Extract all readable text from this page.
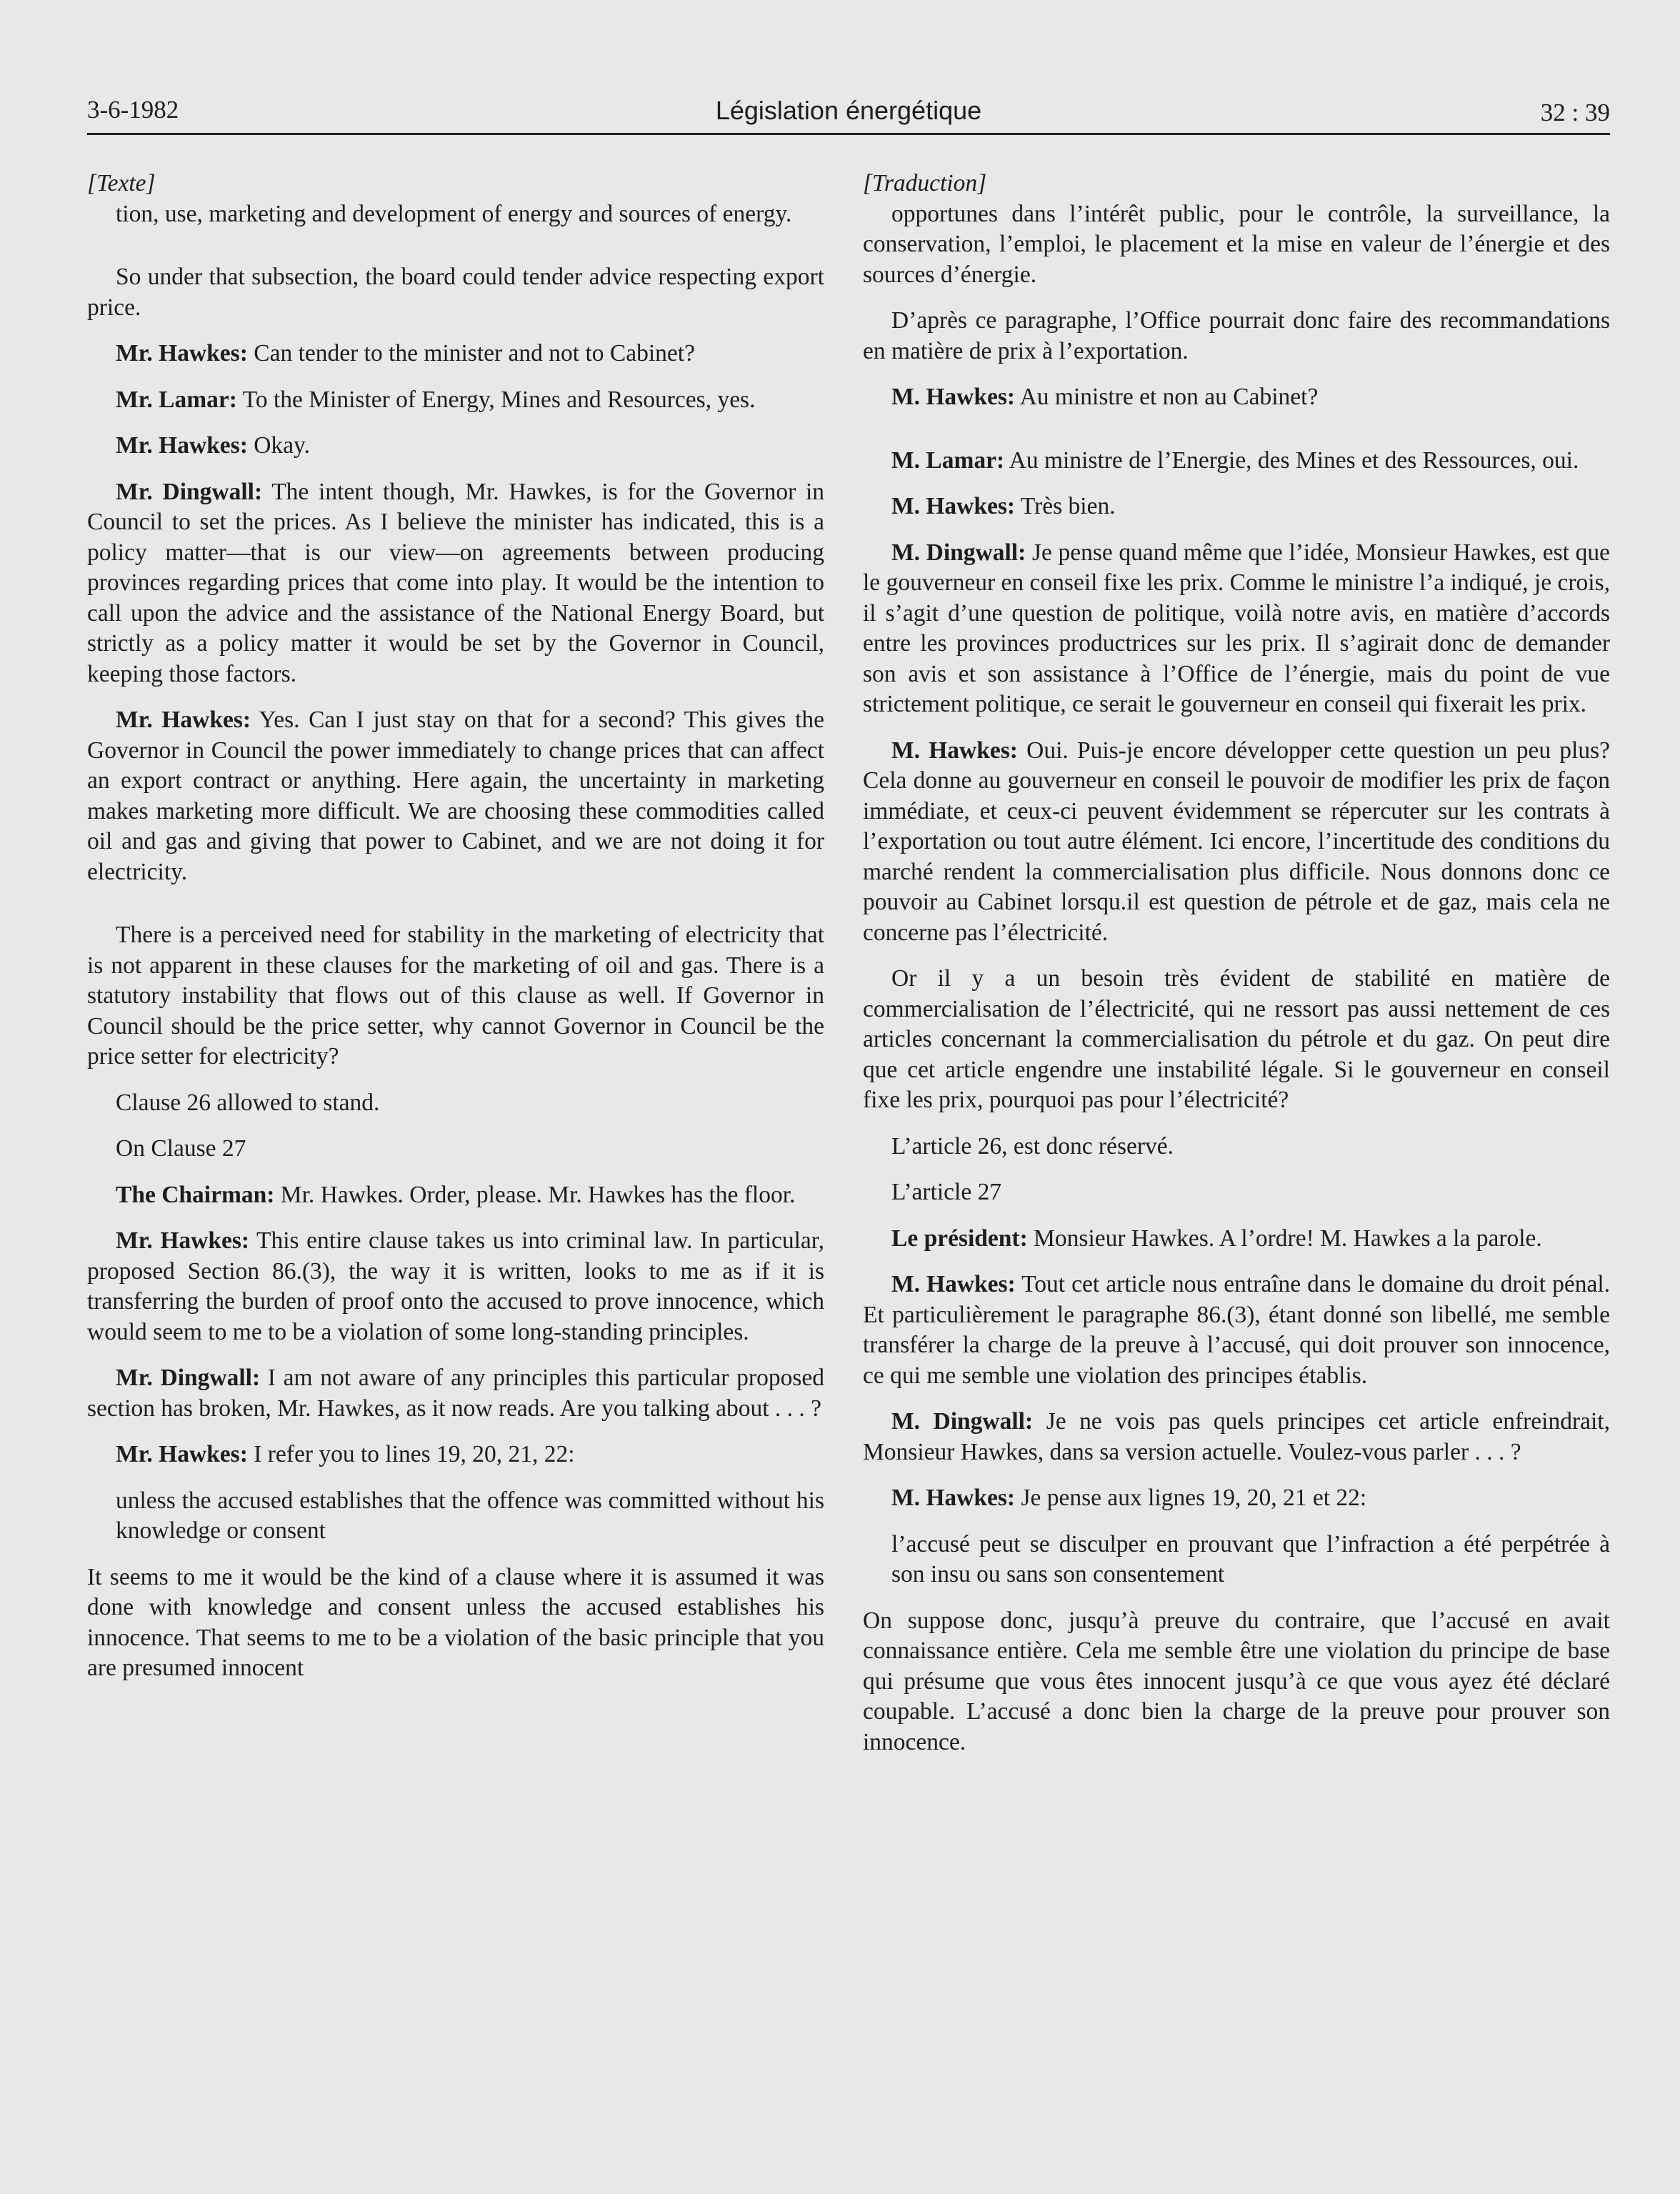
3-6-1982	Législation énergétique	32 : 39
[Texte]

tion, use, marketing and development of energy and sources of energy.

So under that subsection, the board could tender advice respecting export price.

Mr. Hawkes: Can tender to the minister and not to Cabinet?

Mr. Lamar: To the Minister of Energy, Mines and Resources, yes.

Mr. Hawkes: Okay.

Mr. Dingwall: The intent though, Mr. Hawkes, is for the Governor in Council to set the prices. As I believe the minister has indicated, this is a policy matter—that is our view—on agreements between producing provinces regarding prices that come into play. It would be the intention to call upon the advice and the assistance of the National Energy Board, but strictly as a policy matter it would be set by the Governor in Council, keeping those factors.

Mr. Hawkes: Yes. Can I just stay on that for a second? This gives the Governor in Council the power immediately to change prices that can affect an export contract or anything. Here again, the uncertainty in marketing makes marketing more difficult. We are choosing these commodities called oil and gas and giving that power to Cabinet, and we are not doing it for electricity.

There is a perceived need for stability in the marketing of electricity that is not apparent in these clauses for the marketing of oil and gas. There is a statutory instability that flows out of this clause as well. If Governor in Council should be the price setter, why cannot Governor in Council be the price setter for electricity?

Clause 26 allowed to stand.

On Clause 27

The Chairman: Mr. Hawkes. Order, please. Mr. Hawkes has the floor.

Mr. Hawkes: This entire clause takes us into criminal law. In particular, proposed Section 86.(3), the way it is written, looks to me as if it is transferring the burden of proof onto the accused to prove innocence, which would seem to me to be a violation of some long-standing principles.

Mr. Dingwall: I am not aware of any principles this particular proposed section has broken, Mr. Hawkes, as it now reads. Are you talking about . . . ?

Mr. Hawkes: I refer you to lines 19, 20, 21, 22:

unless the accused establishes that the offence was committed without his knowledge or consent

It seems to me it would be the kind of a clause where it is assumed it was done with knowledge and consent unless the accused establishes his innocence. That seems to me to be a violation of the basic principle that you are presumed innocent

[Traduction]

opportunes dans l’intérêt public, pour le contrôle, la surveillance, la conservation, l’emploi, le placement et la mise en valeur de l’énergie et des sources d’énergie.

D’après ce paragraphe, l’Office pourrait donc faire des recommandations en matière de prix à l’exportation.

M. Hawkes: Au ministre et non au Cabinet?

M. Lamar: Au ministre de l’Energie, des Mines et des Ressources, oui.

M. Hawkes: Très bien.

M. Dingwall: Je pense quand même que l’idée, Monsieur Hawkes, est que le gouverneur en conseil fixe les prix. Comme le ministre l’a indiqué, je crois, il s’agit d’une question de politique, voilà notre avis, en matière d’accords entre les provinces productrices sur les prix. Il s’agirait donc de demander son avis et son assistance à l’Office de l’énergie, mais du point de vue strictement politique, ce serait le gouverneur en conseil qui fixerait les prix.

M. Hawkes: Oui. Puis-je encore développer cette question un peu plus? Cela donne au gouverneur en conseil le pouvoir de modifier les prix de façon immédiate, et ceux-ci peuvent évidemment se répercuter sur les contrats à l’exportation ou tout autre élément. Ici encore, l’incertitude des conditions du marché rendent la commercialisation plus difficile. Nous donnons donc ce pouvoir au Cabinet lorsqu.il est question de pétrole et de gaz, mais cela ne concerne pas l’électricité.

Or il y a un besoin très évident de stabilité en matière de commercialisation de l’électricité, qui ne ressort pas aussi nettement de ces articles concernant la commercialisation du pétrole et du gaz. On peut dire que cet article engendre une instabilité légale. Si le gouverneur en conseil fixe les prix, pourquoi pas pour l’électricité?

L’article 26, est donc réservé.

L’article 27

Le président: Monsieur Hawkes. A l’ordre! M. Hawkes a la parole.

M. Hawkes: Tout cet article nous entraîne dans le domaine du droit pénal. Et particulièrement le paragraphe 86.(3), étant donné son libellé, me semble transférer la charge de la preuve à l’accusé, qui doit prouver son innocence, ce qui me semble une violation des principes établis.

M. Dingwall: Je ne vois pas quels principes cet article enfreindrait, Monsieur Hawkes, dans sa version actuelle. Voulez-vous parler . . . ?

M. Hawkes: Je pense aux lignes 19, 20, 21 et 22:

l’accusé peut se disculper en prouvant que l’infraction a été perpétrée à son insu ou sans son consentement

On suppose donc, jusqu’à preuve du contraire, que l’accusé en avait connaissance entière. Cela me semble être une violation du principe de base qui présume que vous êtes innocent jusqu’à ce que vous ayez été déclaré coupable. L’accusé a donc bien la charge de la preuve pour prouver son innocence.
